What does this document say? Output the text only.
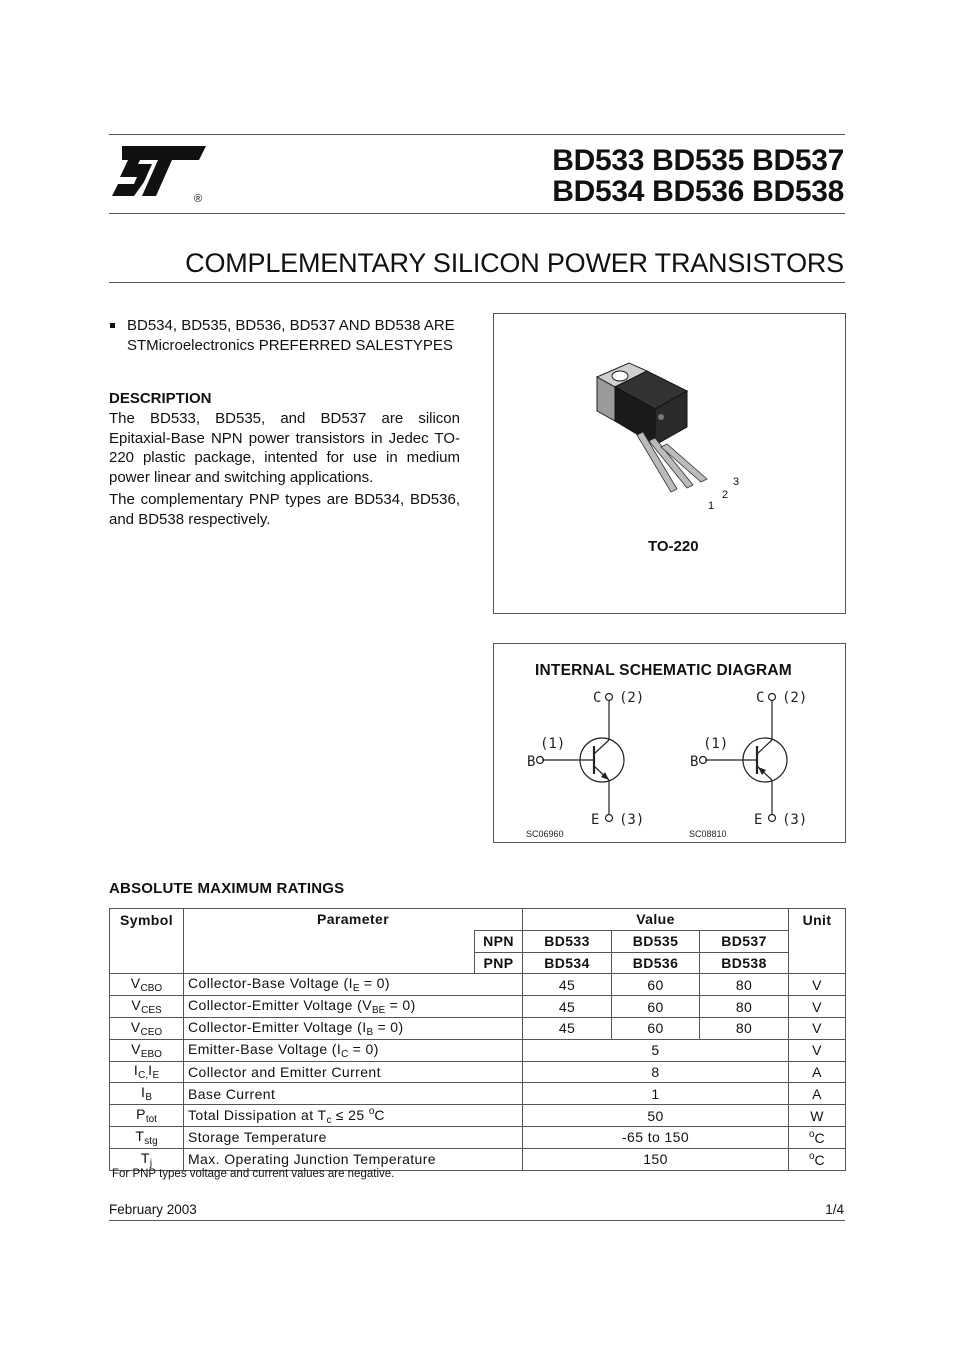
®
BD533 BD535 BD537
BD534 BD536 BD538
COMPLEMENTARY SILICON POWER TRANSISTORS
BD534, BD535, BD536, BD537 AND BD538 ARE STMicroelectronics PREFERRED SALESTYPES
DESCRIPTION

The BD533, BD535, and BD537 are silicon Epitaxial-Base NPN power transistors in Jedec TO-220 plastic package, intented for use in medium power linear and switching applications.

The complementary PNP types are BD534, BD536, and BD538 respectively.

1
2
3
TO-220
INTERNAL SCHEMATIC DIAGRAM
C (2)
B
(1)
E (3)
SC06960
C (2)
B
(1)
E (3)
SC08810
ABSOLUTE MAXIMUM RATINGS
Symbol	Parameter		Value			Unit
		NPN	BD533	BD535	BD537	
		PNP	BD534	BD536	BD538	
$V_{CBO}$	Collector-Base Voltage $(I_E = 0)$		45	60	80	V
$V_{CES}$	Collector-Emitter Voltage $(V_{BE} = 0)$		45	60	80	V
$V_{CEO}$	Collector-Emitter Voltage $(I_B = 0)$		45	60	80	V
$V_{EBO}$	Emitter-Base Voltage $(I_C = 0)$		5			V
$I_{C,}I_E$	Collector and Emitter Current		8			A
$I_B$	Base Current		1			A
$P_{tot}$	Total Dissipation at $T_c \le 25$ $^o$C		50			W
$T_{stg}$	Storage Temperature		-65 to 150			$^o$C
$T_j$	Max. Operating Junction Temperature		150			$^o$C
For PNP types voltage and current values are negative.
February 2003	1/4
